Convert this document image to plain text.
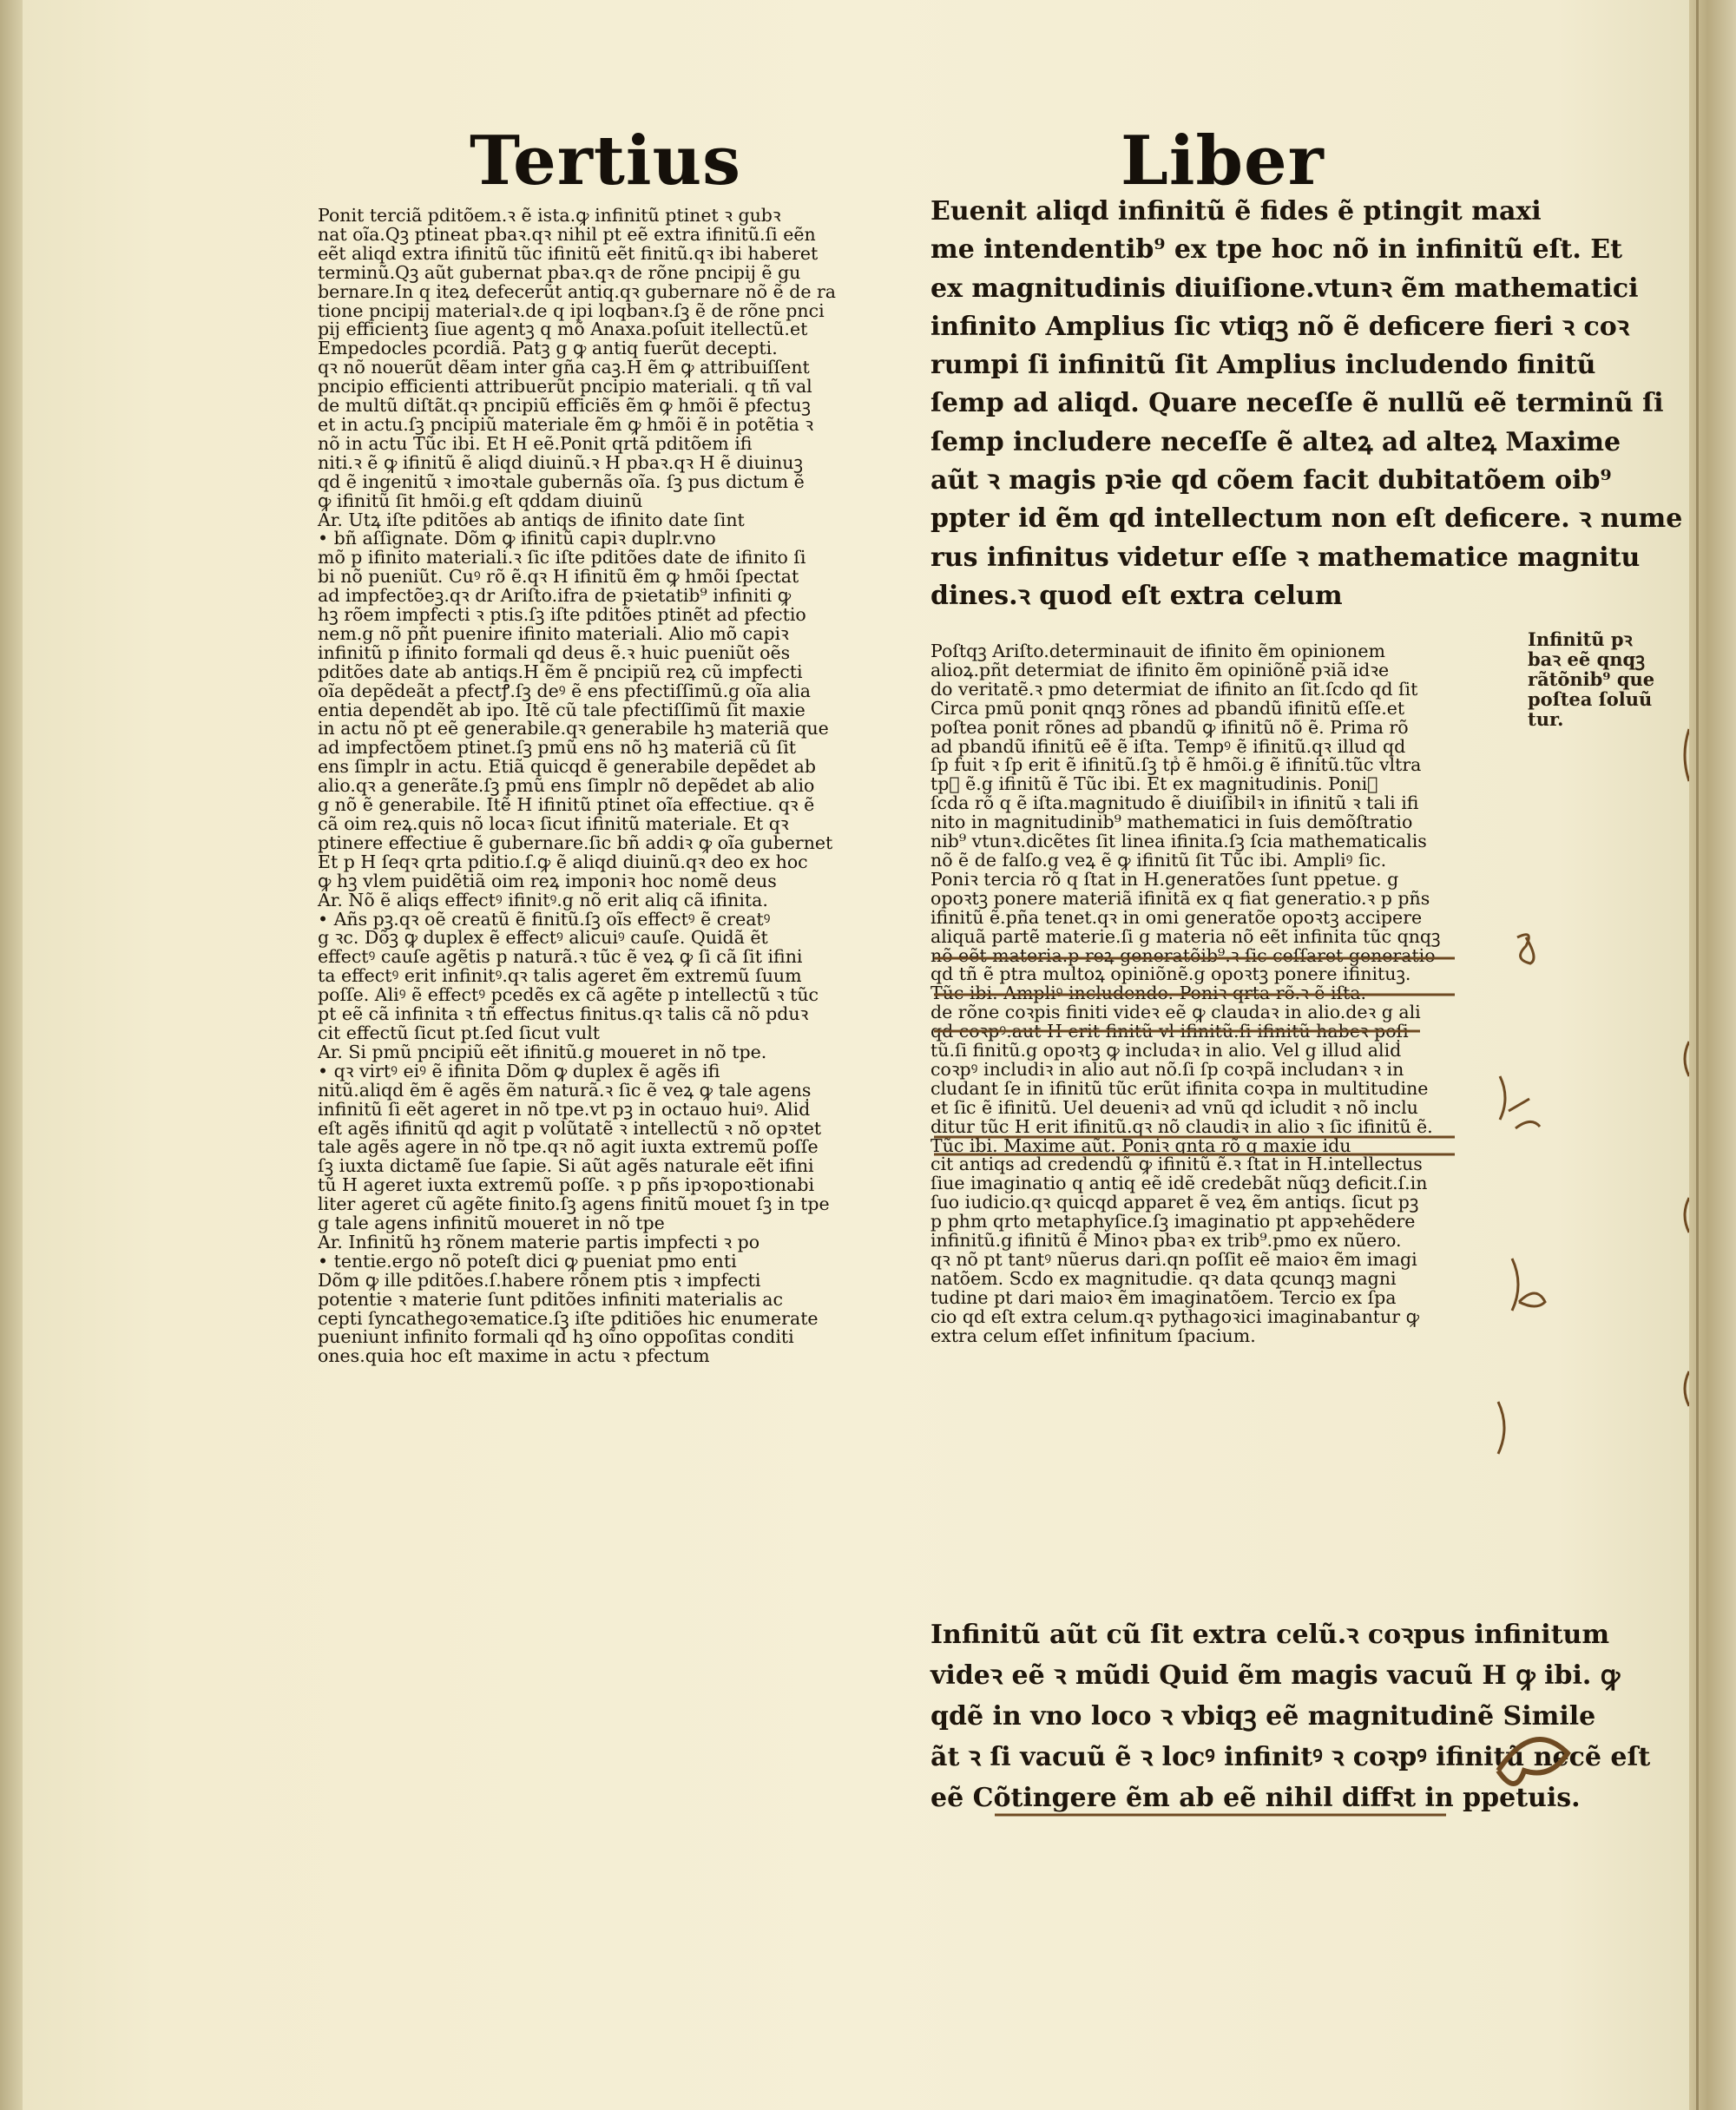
Tertius	Liber
Ponit terciã pditõem.ꝛ ẽ ista.ꝙ infinitũ ptinet ꝛ gubꝛ
nat oĩa.Qꝫ ptineat pbaꝛ.qꝛ nihil pt eẽ extra ifinitũ.ſi eẽn
eẽt aliqd extra ifinitũ tũc ifinitũ eẽt finitũ.qꝛ ibi haberet
terminũ.Qꝫ aũt gubernat pbaꝛ.qꝛ de rõne pncipij ẽ gu
bernare.In q iteꝝ defecerũt antiq.qꝛ gubernare nõ ẽ de ra
tione pncipij materialꝛ.de q ipi loqbanꝛ.ſꝫ ẽ de rõne pnci
pij efficientꝫ ſiue agentꝫ q mõ Anaxa.poſuit itellectũ.et
Empedocles pcordiã. Patꝫ g ꝙ antiq fuerũt decepti.
qꝛ nõ nouerũt dẽam inter gña caꝫ.H ẽm ꝙ attribuiſſent
pncipio efficienti attribuerũt pncipio materiali. q tñ val
de multũ diſtãt.qꝛ pncipiũ efficiẽs ẽm ꝙ hmõi ẽ pfectuꝫ
et in actu.ſꝫ pncipiũ materiale ẽm ꝙ hmõi ẽ in potẽtia ꝛ
nõ in actu Tũc ibi. Et H eẽ.Ponit qrtã pditõem ifi
niti.ꝛ ẽ ꝙ ifinitũ ẽ aliqd diuinũ.ꝛ H pbaꝛ.qꝛ H ẽ diuinuꝫ
qd ẽ ingenitũ ꝛ imoꝛtale gubernãs oĩa. ſꝫ pus dictum ẽ
ꝙ ifinitũ ſit hmõi.g eſt qddam diuinũ
Ar. Utꝝ iſte pditões ab antiqs de ifinito date ſint
• bñ aſſignate. Dõm ꝙ ifinitũ capiꝛ duplr.vno
mõ p ifinito materiali.ꝛ ſic iſte pditões date de ifinito ſi
bi nõ pueniũt. Cuꝰ rõ ẽ.qꝛ H ifinitũ ẽm ꝙ hmõi ſpectat
ad impfectõeꝫ.qꝛ dr Ariſto.ifra de pꝛietatib⁹ infiniti ꝙ
hꝫ rõem impfecti ꝛ ptis.ſꝫ iſte pditões ptinẽt ad pfectio
nem.g nõ pñt puenire ifinito materiali. Alio mõ capiꝛ
infinitũ p ifinito formali qd deus ẽ.ꝛ huic pueniũt oẽs
pditões date ab antiqs.H ẽm ẽ pncipiũ reꝝ cũ impfecti
oĩa depẽdeãt a pfectꝭ.ſꝫ deꝰ ẽ ens pfectiſſimũ.g oĩa alia
entia dependẽt ab ipo. Itẽ cũ tale pfectiſſimũ ſit maxie
in actu nõ pt eẽ generabile.qꝛ generabile hꝫ materiã que
ad impfectõem ptinet.ſꝫ pmũ ens nõ hꝫ materiã cũ ſit
ens ſimplr in actu. Etiã quicqd ẽ generabile depẽdet ab
alio.qꝛ a generãte.ſꝫ pmũ ens ſimplr nõ depẽdet ab alio
g nõ ẽ generabile. Itẽ H ifinitũ ptinet oĩa effectiue. qꝛ ẽ
cã oim reꝝ.quis nõ locaꝛ ſicut ifinitũ materiale. Et qꝛ
ptinere effectiue ẽ gubernare.ſic bñ addiꝛ ꝙ oĩa gubernet
Et p H ſeqꝛ qrta pditio.ſ.ꝙ ẽ aliqd diuinũ.qꝛ deo ex hoc
ꝙ hꝫ vlem puidẽtiã oim reꝝ imponiꝛ hoc nomẽ deus
Ar. Nõ ẽ aliqs effectꝰ ifinitꝰ.g nõ erit aliq cã ifinita.
• Añs pꝫ.qꝛ oẽ creatũ ẽ finitũ.ſꝫ oĩs effectꝰ ẽ creatꝰ
g ꝛc. Dõꝫ ꝙ duplex ẽ effectꝰ alicuiꝰ cauſe. Quidã ẽt
effectꝰ cauſe agẽtis p naturã.ꝛ tũc ẽ veꝝ ꝙ ſi cã ſit ifini
ta effectꝰ erit infinitꝰ.qꝛ talis ageret ẽm extremũ ſuum
poſſe. Aliꝰ ẽ effectꝰ pcedẽs ex cã agẽte p intellectũ ꝛ tũc
pt eẽ cã infinita ꝛ tñ effectus finitus.qꝛ talis cã nõ pduꝛ
cit effectũ ſicut pt.ſed ſicut vult
Ar. Si pmũ pncipiũ eẽt ifinitũ.g moueret in nõ tpe.
• qꝛ virtꝰ eiꝰ ẽ ifinita Dõm ꝙ duplex ẽ agẽs ifi
nitũ.aliqd ẽm ẽ agẽs ẽm naturã.ꝛ ſic ẽ veꝝ ꝙ tale agens
infinitũ ſi eẽt ageret in nõ tpe.vt pꝫ in octauo huiꝰ. Aliḋ
eſt agẽs ifinitũ qd agit p volũtatẽ ꝛ intellectũ ꝛ nõ opꝛtet
tale agẽs agere in nõ tpe.qꝛ nõ agit iuxta extremũ poſſe
ſꝫ iuxta dictamẽ ſue ſapie. Si aũt agẽs naturale eẽt ifini
tũ H ageret iuxta extremũ poſſe. ꝛ p pñs ipꝛopoꝛtionabi
liter ageret cũ agẽte finito.ſꝫ agens finitũ mouet ſꝫ in tpe
g tale agens infinitũ moueret in nõ tpe
Ar. Infinitũ hꝫ rõnem materie partis impfecti ꝛ po
• tentie.ergo nõ poteſt dici ꝙ pueniat pmo enti
Dõm ꝙ ille pditões.ſ.habere rõnem ptis ꝛ impfecti
potentie ꝛ materie ſunt pditões infiniti materialis ac
cepti ſyncathegoꝛematice.ſꝫ iſte pditiões hic enumerate
pueniunt infinito formali qd hꝫ oĩno oppoſitas conditi
ones.quia hoc eſt maxime in actu ꝛ pfectum
Euenit aliqd infinitũ ẽ fides ẽ ptingit maxi
me intendentib⁹ ex tpe hoc nõ in infinitũ eſt. Et
ex magnitudinis diuiſione.vtunꝛ ẽm mathematici
infinito Amplius ſic vtiqꝫ nõ ẽ deficere fieri ꝛ coꝛ
rumpi ſi infinitũ ſit Amplius includendo finitũ
ſemp ad aliqd. Quare neceſſe ẽ nullũ eẽ terminũ ſi
ſemp includere neceſſe ẽ alteꝝ ad alteꝝ Maxime
aũt ꝛ magis pꝛie qd cõem facit dubitatõem oib⁹
ppter id ẽm qd intellectum non eſt deficere. ꝛ nume
rus infinitus videtur eſſe ꝛ mathematice magnitu
dines.ꝛ quod eſt extra celum
Poſtqꝫ Ariſto.determinauit de ifinito ẽm opinionem
alioꝝ.pñt determiat de ifinito ẽm opiniõnẽ pꝛiã idꝛe
do veritatẽ.ꝛ pmo determiat de ifinito an ſit.ſcdo qd ſit
Circa pmũ ponit qnqꝫ rõnes ad pbandũ ifinitũ eſſe.et
poſtea ponit rõnes ad pbandũ ꝙ ifinitũ nõ ẽ. Prima rõ
ad pbandũ ifinitũ eẽ ẽ iſta. Tempꝰ ẽ ifinitũ.qꝛ illud qd
ſp fuit ꝛ ſp erit ẽ ifinitũ.ſꝫ tpᷤ ẽ hmõi.g ẽ ifinitũ.tũc vltra
tpᷤ ẽ.g ifinitũ ẽ Tũc ibi. Et ex magnitudinis. Poniꝛ
ſcda rõ q ẽ iſta.magnitudo ẽ diuiſibilꝛ in ifinitũ ꝛ tali ifi
nito in magnitudinib⁹ mathematici in ſuis demõſtratio
nib⁹ vtunꝛ.dicẽtes ſit linea ifinita.ſꝫ ſcia mathematicalis
nõ ẽ de falſo.g veꝝ ẽ ꝙ ifinitũ ſit Tũc ibi. Ampliꝰ ſic.
Poniꝛ tercia rõ q ſtat in H.generatões ſunt ppetue. g
opoꝛtꝫ ponere materiã ifinitã ex q fiat generatio.ꝛ p pñs
ifinitũ ẽ.pña tenet.qꝛ in omi generatõe opoꝛtꝫ accipere
aliquã partẽ materie.ſi g materia nõ eẽt infinita tũc qnqꝫ
nõ eẽt materia.p reꝝ generatõib⁹.ꝛ ſic ceſſaret generatio
qd tñ ẽ ptra multoꝝ opiniõnẽ.g opoꝛtꝫ ponere ifinituꝫ.
Tũc ibi. Ampliꝰ includendo. Poniꝛ qrta rõ.ꝛ ẽ iſta.
de rõne coꝛpis finiti videꝛ eẽ ꝙ claudaꝛ in alio.deꝛ g ali
qd coꝛpꝰ.aut H erit finitũ vl ifinitũ.ſi ifinitũ habeꝛ poſi
tũ.ſi finitũ.g opoꝛtꝫ ꝙ includaꝛ in alio. Vel g illud aliḋ
coꝛpꝰ includiꝛ in alio aut nõ.ſi ſp coꝛpã includanꝛ ꝛ in
cludant ſe in ifinitũ tũc erũt ifinita coꝛpa in multitudine
et ſic ẽ ifinitũ. Uel deueniꝛ ad vnũ qd icludit ꝛ nõ inclu
ditur tũc H erit ifinitũ.qꝛ nõ claudiꝛ in alio ꝛ ſic ifinitũ ẽ.
Tũc ibi. Maxime aũt. Poniꝛ qnta rõ q maxie idu
cit antiqs ad credendũ ꝙ ifinitũ ẽ.ꝛ ſtat in H.intellectus
ſiue imaginatio q antiq eẽ idẽ credebãt nũqꝫ deficit.ſ.in
ſuo iudicio.qꝛ quicqd apparet ẽ veꝝ ẽm antiqs. ſicut pꝫ
p phm qrto metaphyſice.ſꝫ imaginatio pt appꝛehẽdere
infinitũ.g ifinitũ ẽ Minoꝛ pbaꝛ ex trib⁹.pmo ex nũero.
qꝛ nõ pt tantꝰ nũerus dari.qn poſſit eẽ maioꝛ ẽm imagi
natõem. Scdo ex magnitudie. qꝛ data qcunqꝫ magni
tudine pt dari maioꝛ ẽm imaginatõem. Tercio ex ſpa
cio qd eſt extra celum.qꝛ pythagoꝛici imaginabantur ꝙ
extra celum eſſet infinitum ſpacium.
Infinitũ aũt cũ ſit extra celũ.ꝛ coꝛpus infinitum
videꝛ eẽ ꝛ mũdi Quid ẽm magis vacuũ H ꝙ ibi. ꝙ
qdẽ in vno loco ꝛ vbiqꝫ eẽ magnitudinẽ Simile
ãt ꝛ ſi vacuũ ẽ ꝛ locꝰ infinitꝰ ꝛ coꝛpꝰ ifinitũ necẽ eſt
eẽ Cõtingere ẽm ab eẽ nihil diffꝛt in ppetuis.
Infinitũ pꝛ
baꝛ eẽ qnqꝫ
rãtõnib⁹ que
poſtea ſoluũ
tur.
